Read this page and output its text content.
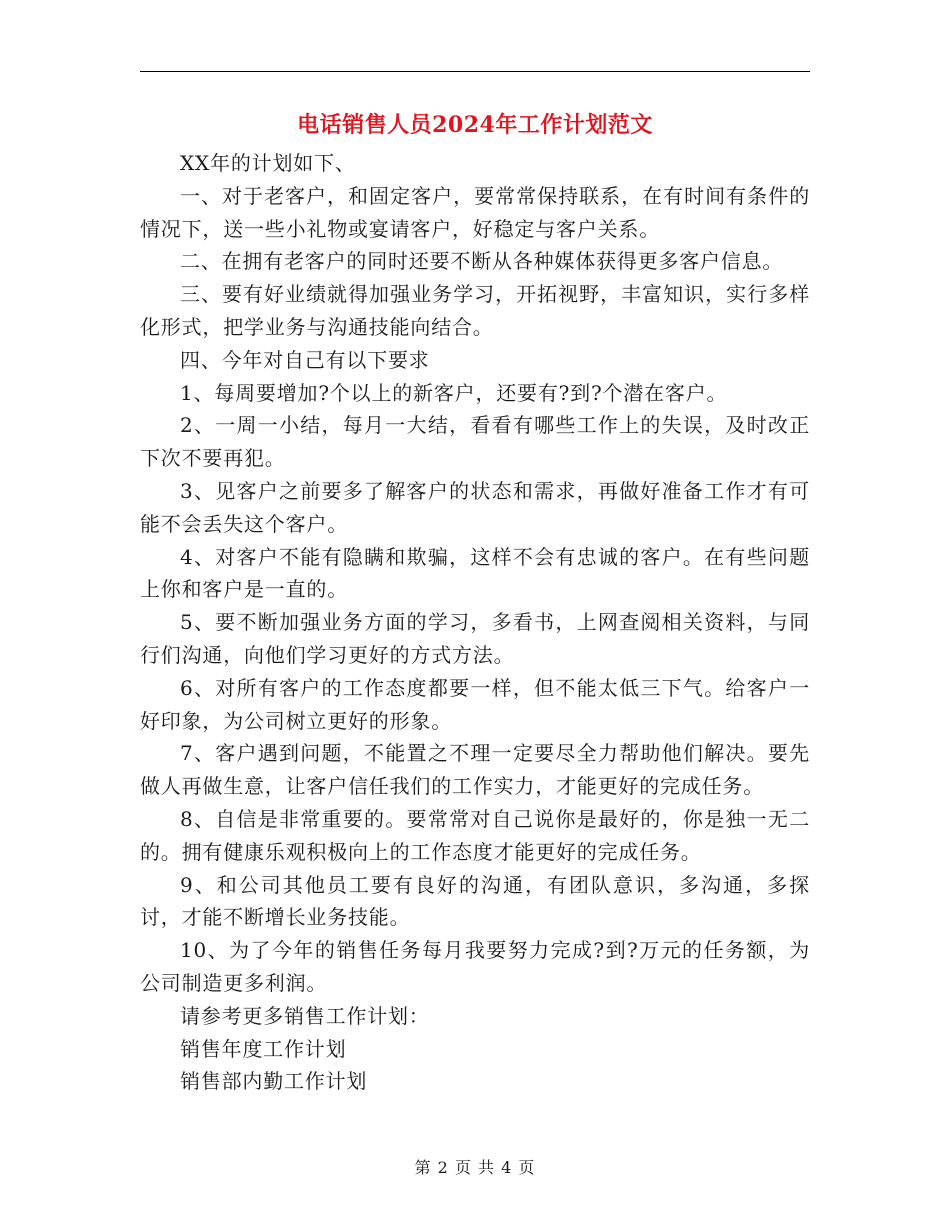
电话销售人员2024年工作计划范文

XX年的计划如下、

一、对于老客户，和固定客户，要常常保持联系，在有时间有条件的情况下，送一些小礼物或宴请客户，好稳定与客户关系。

二、在拥有老客户的同时还要不断从各种媒体获得更多客户信息。

三、要有好业绩就得加强业务学习，开拓视野，丰富知识，实行多样化形式，把学业务与沟通技能向结合。

四、今年对自己有以下要求

1、每周要增加?个以上的新客户，还要有?到?个潜在客户。

2、一周一小结，每月一大结，看看有哪些工作上的失误，及时改正下次不要再犯。

3、见客户之前要多了解客户的状态和需求，再做好准备工作才有可能不会丢失这个客户。

4、对客户不能有隐瞒和欺骗，这样不会有忠诚的客户。在有些问题上你和客户是一直的。

5、要不断加强业务方面的学习，多看书，上网查阅相关资料，与同行们沟通，向他们学习更好的方式方法。

6、对所有客户的工作态度都要一样，但不能太低三下气。给客户一好印象，为公司树立更好的形象。

7、客户遇到问题，不能置之不理一定要尽全力帮助他们解决。要先做人再做生意，让客户信任我们的工作实力，才能更好的完成任务。

8、自信是非常重要的。要常常对自己说你是最好的，你是独一无二的。拥有健康乐观积极向上的工作态度才能更好的完成任务。

9、和公司其他员工要有良好的沟通，有团队意识，多沟通，多探讨，才能不断增长业务技能。

10、为了今年的销售任务每月我要努力完成?到?万元的任务额，为公司制造更多利润。

请参考更多销售工作计划：

销售年度工作计划

销售部内勤工作计划

第 2 页 共 4 页
